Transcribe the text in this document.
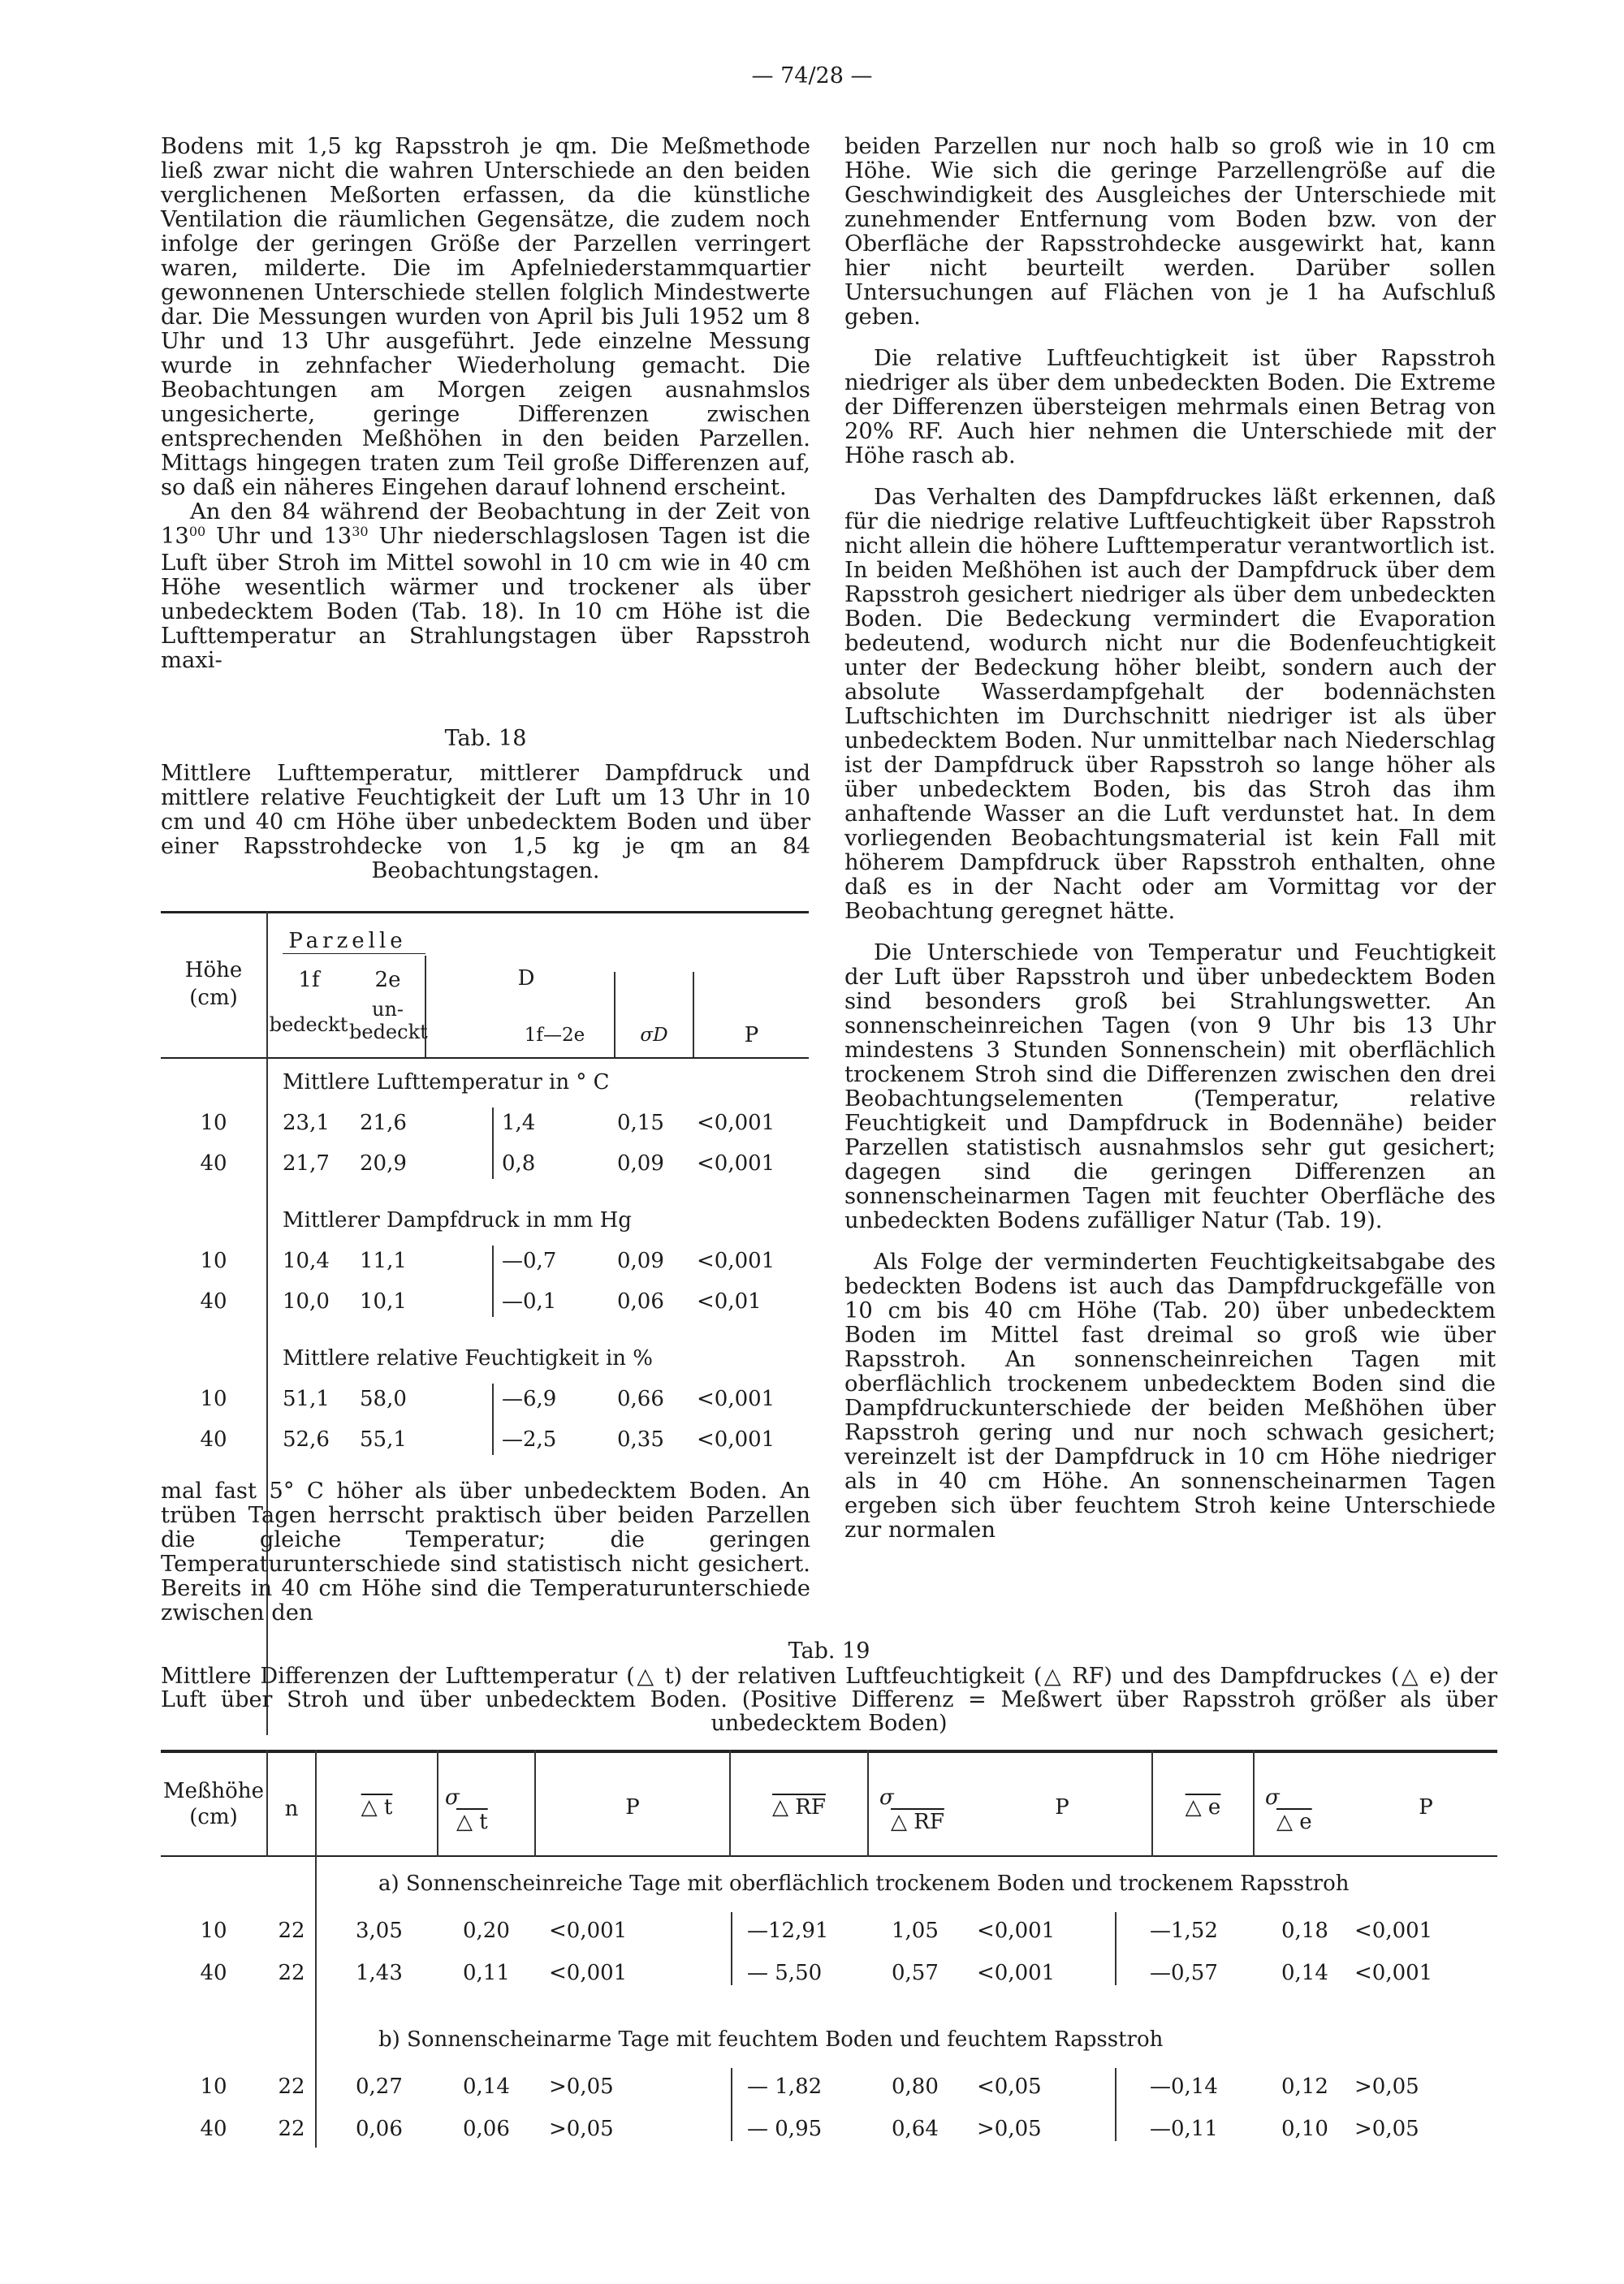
— 74/28 —

Bodens mit 1,5 kg Rapsstroh je qm. Die Meßmethode ließ zwar nicht die wahren Unterschiede an den beiden verglichenen Meßorten erfassen, da die künstliche Ventilation die räumlichen Gegensätze, die zudem noch infolge der geringen Größe der Parzellen verringert waren, milderte. Die im Apfelniederstammquartier gewonnenen Unterschiede stellen folglich Mindestwerte dar. Die Messungen wurden von April bis Juli 1952 um 8 Uhr und 13 Uhr ausgeführt. Jede einzelne Messung wurde in zehnfacher Wiederholung gemacht. Die Beobachtungen am Morgen zeigen ausnahmslos ungesicherte, geringe Differenzen zwischen entsprechenden Meßhöhen in den beiden Parzellen. Mittags hingegen traten zum Teil große Differenzen auf, so daß ein näheres Eingehen darauf lohnend erscheint.

An den 84 während der Beobachtung in der Zeit von $13^{00}$ Uhr und $13^{30}$ Uhr niederschlagslosen Tagen ist die Luft über Stroh im Mittel sowohl in 10 cm wie in 40 cm Höhe wesentlich wärmer und trockener als über unbedecktem Boden (Tab. 18). In 10 cm Höhe ist die Lufttemperatur an Strahlungstagen über Rapsstroh maxi-

Tab. 18
Mittlere Lufttemperatur, mittlerer Dampfdruck und mittlere relative Feuchtigkeit der Luft um 13 Uhr in 10 cm und 40 cm Höhe über unbedecktem Boden und über einer Rapsstrohdecke von 1,5 kg je qm an 84 Beobachtungstagen.
Höhe
(cm)
Parzelle
1f	2e
bedeckt
un-
bedeckt
D
1f—2e	σD	P
Mittlere Lufttemperatur in ° C
10	23,1	21,6	1,4	0,15	<0,001
40	21,7	20,9	0,8	0,09	<0,001
Mittlerer Dampfdruck in mm Hg
10	10,4	11,1	—0,7	0,09	<0,001
40	10,0	10,1	—0,1	0,06	<0,01
Mittlere relative Feuchtigkeit in %
10	51,1	58,0	—6,9	0,66	<0,001
40	52,6	55,1	—2,5	0,35	<0,001

mal fast 5° C höher als über unbedecktem Boden. An trüben Tagen herrscht praktisch über beiden Parzellen die gleiche Temperatur; die geringen Temperaturunterschiede sind statistisch nicht gesichert. Bereits in 40 cm Höhe sind die Temperaturunterschiede zwischen den

beiden Parzellen nur noch halb so groß wie in 10 cm Höhe. Wie sich die geringe Parzellengröße auf die Geschwindigkeit des Ausgleiches der Unterschiede mit zunehmender Entfernung vom Boden bzw. von der Oberfläche der Rapsstrohdecke ausgewirkt hat, kann hier nicht beurteilt werden. Darüber sollen Untersuchungen auf Flächen von je 1 ha Aufschluß geben.

Die relative Luftfeuchtigkeit ist über Rapsstroh niedriger als über dem unbedeckten Boden. Die Extreme der Differenzen übersteigen mehrmals einen Betrag von 20% RF. Auch hier nehmen die Unterschiede mit der Höhe rasch ab.

Das Verhalten des Dampfdruckes läßt erkennen, daß für die niedrige relative Luftfeuchtigkeit über Rapsstroh nicht allein die höhere Lufttemperatur verantwortlich ist. In beiden Meßhöhen ist auch der Dampfdruck über dem Rapsstroh gesichert niedriger als über dem unbedeckten Boden. Die Bedeckung vermindert die Evaporation bedeutend, wodurch nicht nur die Bodenfeuchtigkeit unter der Bedeckung höher bleibt, sondern auch der absolute Wasserdampfgehalt der bodennächsten Luftschichten im Durchschnitt niedriger ist als über unbedecktem Boden. Nur unmittelbar nach Niederschlag ist der Dampfdruck über Rapsstroh so lange höher als über unbedecktem Boden, bis das Stroh das ihm anhaftende Wasser an die Luft verdunstet hat. In dem vorliegenden Beobachtungsmaterial ist kein Fall mit höherem Dampfdruck über Rapsstroh enthalten, ohne daß es in der Nacht oder am Vormittag vor der Beobachtung geregnet hätte.

Die Unterschiede von Temperatur und Feuchtigkeit der Luft über Rapsstroh und über unbedecktem Boden sind besonders groß bei Strahlungswetter. An sonnenscheinreichen Tagen (von 9 Uhr bis 13 Uhr mindestens 3 Stunden Sonnenschein) mit oberflächlich trockenem Stroh sind die Differenzen zwischen den drei Beobachtungselementen (Temperatur, relative Feuchtigkeit und Dampfdruck in Bodennähe) beider Parzellen statistisch ausnahmslos sehr gut gesichert; dagegen sind die geringen Differenzen an sonnenscheinarmen Tagen mit feuchter Oberfläche des unbedeckten Bodens zufälliger Natur (Tab. 19).

Als Folge der verminderten Feuchtigkeitsabgabe des bedeckten Bodens ist auch das Dampfdruckgefälle von 10 cm bis 40 cm Höhe (Tab. 20) über unbedecktem Boden im Mittel fast dreimal so groß wie über Rapsstroh. An sonnenscheinreichen Tagen mit oberflächlich trockenem unbedecktem Boden sind die Dampfdruckunterschiede der beiden Meßhöhen über Rapsstroh gering und nur noch schwach gesichert; vereinzelt ist der Dampfdruck in 10 cm Höhe niedriger als in 40 cm Höhe. An sonnenscheinarmen Tagen ergeben sich über feuchtem Stroh keine Unterschiede zur normalen

Tab. 19
Mittlere Differenzen der Lufttemperatur (△ t) der relativen Luftfeuchtigkeit (△ RF) und des Dampfdruckes (△ e) der Luft über Stroh und über unbedecktem Boden. (Positive Differenz = Meßwert über Rapsstroh größer als über unbedecktem Boden)
Meßhöhe
(cm)	n	△ t	σ
△ t
P	△ RF	σ
△ RF
P	△ e	σ
△ e
P
a) Sonnenscheinreiche Tage mit oberflächlich trockenem Boden und trockenem Rapsstroh
10	22	3,05	0,20	<0,001	—12,91	1,05	<0,001	—1,52	0,18	<0,001
40	22	1,43	0,11	<0,001	— 5,50	0,57	<0,001	—0,57	0,14	<0,001
b) Sonnenscheinarme Tage mit feuchtem Boden und feuchtem Rapsstroh
10	22	0,27	0,14	>0,05	— 1,82	0,80	<0,05	—0,14	0,12	>0,05
40	22	0,06	0,06	>0,05	— 0,95	0,64	>0,05	—0,11	0,10	>0,05
